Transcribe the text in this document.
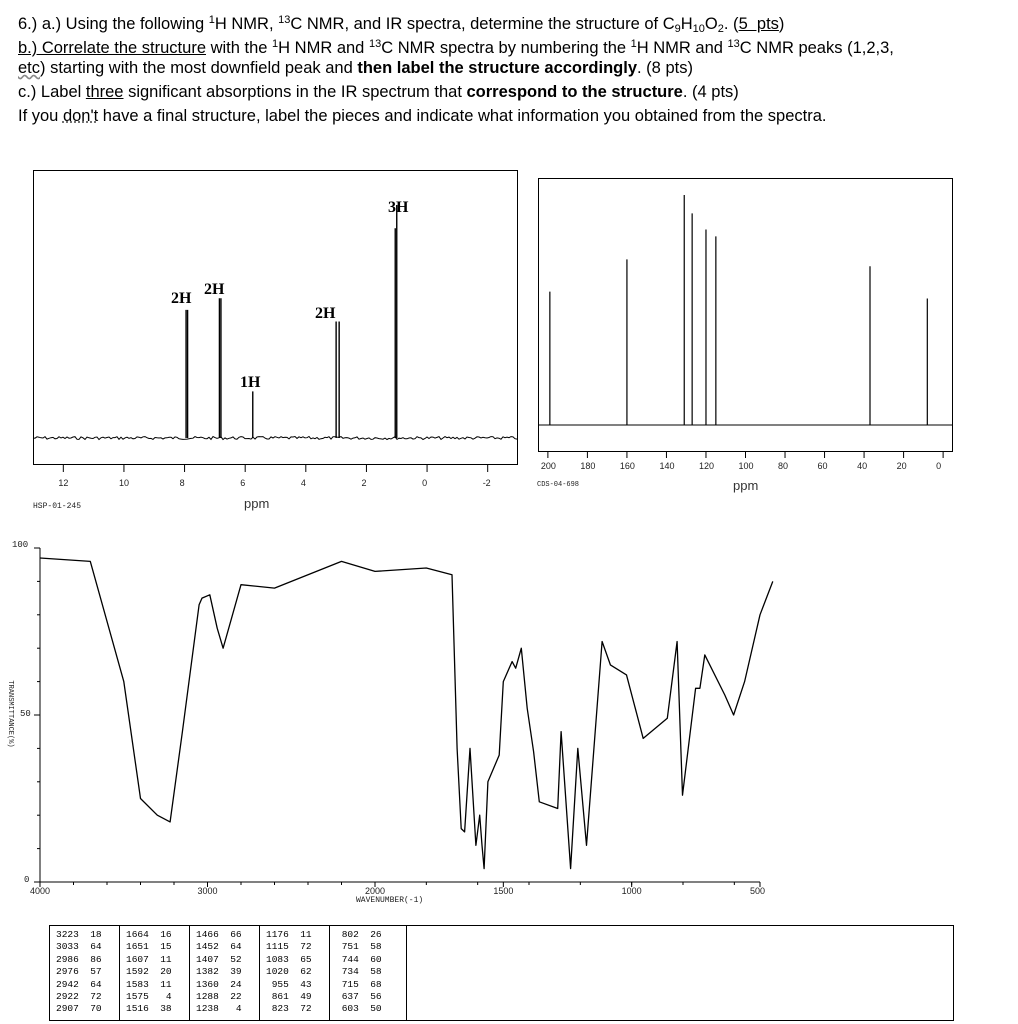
6.) a.) Using the following $^1$H NMR, $^{13}$C NMR, and IR spectra, determine the structure of $C_9H_{10}O_2$. (5  pts)
b.) Correlate the structure with the $^1$H NMR and $^{13}$C NMR spectra by numbering the $^1$H NMR and $^{13}$C NMR peaks (1,2,3,
etc) starting with the most downfield peak and then label the structure accordingly. (8 pts)
c.) Label three significant absorptions in the IR spectrum that correspond to the structure. (4 pts)
If you don't have a final structure, label the pieces and indicate what information you obtained from the spectra.
3H
2H
1H
2H
2H
12	10	8	6	4	2	0	-2
ppm
HSP-01-245
200	180	160	140	120	100	80	60	40	20	0
ppm
CDS-04-698
100
50
0
TRANSMITTANCE(%)
4000	3000	2000	1500	1000	500
WAVENUMBER(-1)
3223  18
3033  64
2986  86
2976  57
2942  64
2922  72
2907  70
1664  16
1651  15
1607  11
1592  20
1583  11
1575   4
1516  38
1466  66
1452  64
1407  52
1382  39
1360  24
1288  22
1238   4
1176  11
1115  72
1083  65
1020  62
955  43
861  49
823  72
802  26
751  58
744  60
734  58
715  68
637  56
603  50
